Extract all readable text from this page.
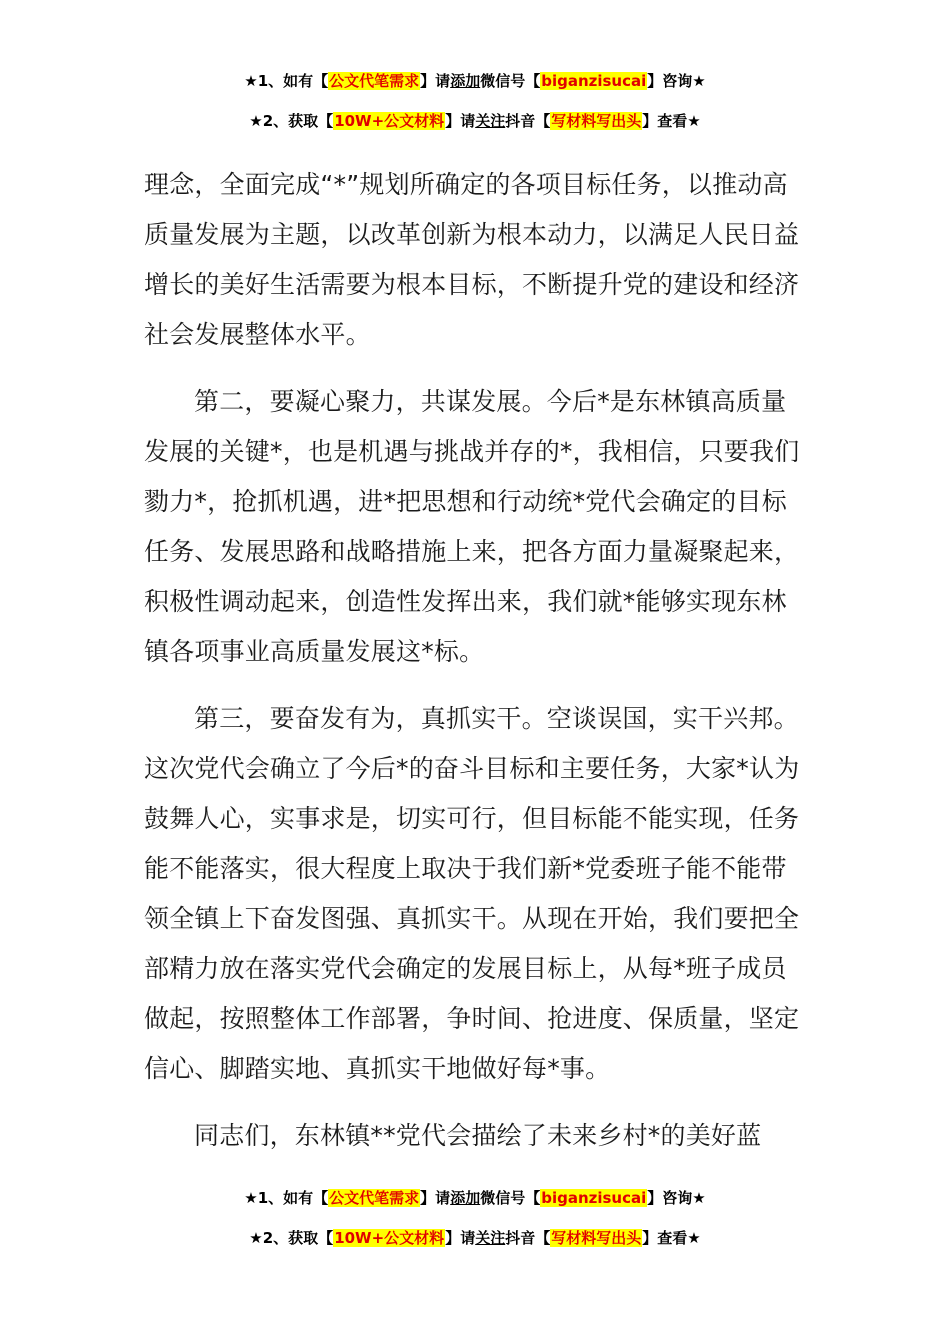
★1、如有【公文代笔需求】请添加微信号【biganzisucai】咨询★
★2、获取【10W+公文材料】请关注抖音【写材料写出头】查看★

理念，全面完成“*”规划所确定的各项目标任务，以推动高质量发展为主题，以改革创新为根本动力，以满足人民日益增长的美好生活需要为根本目标，不断提升党的建设和经济社会发展整体水平。

第二，要凝心聚力，共谋发展。今后*是东林镇高质量发展的关键*，也是机遇与挑战并存的*，我相信，只要我们勠力*，抢抓机遇，进*把思想和行动统*党代会确定的目标任务、发展思路和战略措施上来，把各方面力量凝聚起来，积极性调动起来，创造性发挥出来，我们就*能够实现东林镇各项事业高质量发展这*标。

第三，要奋发有为，真抓实干。空谈误国，实干兴邦。这次党代会确立了今后*的奋斗目标和主要任务，大家*认为鼓舞人心，实事求是，切实可行，但目标能不能实现，任务能不能落实，很大程度上取决于我们新*党委班子能不能带领全镇上下奋发图强、真抓实干。从现在开始，我们要把全部精力放在落实党代会确定的发展目标上，从每*班子成员做起，按照整体工作部署，争时间、抢进度、保质量，坚定信心、脚踏实地、真抓实干地做好每*事。

同志们，东林镇**党代会描绘了未来乡村*的美好蓝

★1、如有【公文代笔需求】请添加微信号【biganzisucai】咨询★
★2、获取【10W+公文材料】请关注抖音【写材料写出头】查看★
